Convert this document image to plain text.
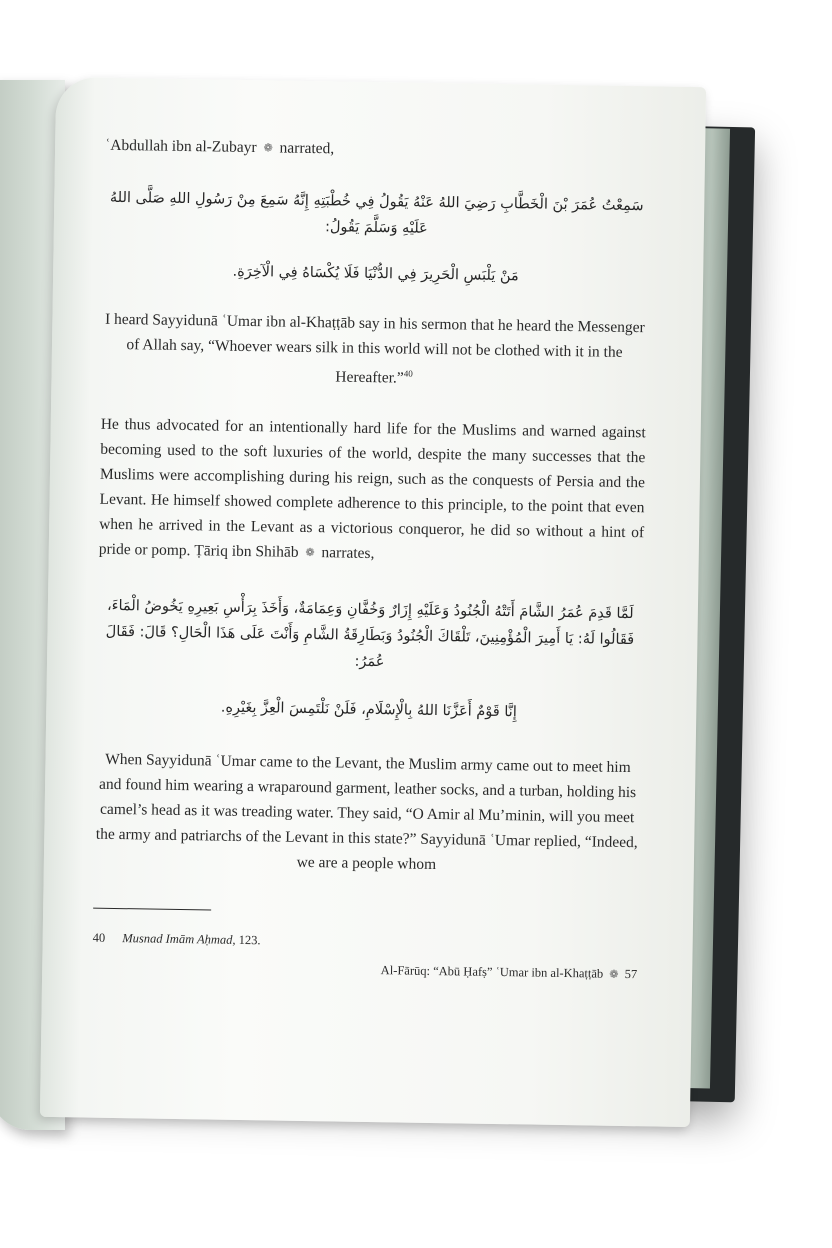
ʿAbdullah ibn al-Zubayr ❁ narrated,

سَمِعْتُ عُمَرَ بْنَ الْخَطَّابِ رَضِيَ اللهُ عَنْهُ يَقُولُ فِي خُطْبَتِهِ إِنَّهُ سَمِعَ مِنْ رَسُولِ اللهِ صَلَّى اللهُ عَلَيْهِ وَسَلَّمَ يَقُولُ:

مَنْ يَلْبَسِ الْحَرِيرَ فِي الدُّنْيَا فَلَا يُكْسَاهُ فِي الْآخِرَةِ.

I heard Sayyidunā ʿUmar ibn al-Khaṭṭāb say in his sermon that he heard the Messenger of Allah say, “Whoever wears silk in this world will not be clothed with it in the Hereafter.”$^{40}$

He thus advocated for an intentionally hard life for the Muslims and warned against becoming used to the soft luxuries of the world, despite the many successes that the Muslims were accomplishing during his reign, such as the conquests of Persia and the Levant. He himself showed complete adherence to this principle, to the point that even when he arrived in the Levant as a victorious conqueror, he did so without a hint of pride or pomp. Ṭāriq ibn Shihāb ❁ narrates,

لَمَّا قَدِمَ عُمَرُ الشَّامَ أَتَتْهُ الْجُنُودُ وَعَلَيْهِ إِزَارٌ وَخُفَّانِ وَعِمَامَةٌ، وَأَخَذَ بِرَأْسِ بَعِيرِهِ يَخُوضُ الْمَاءَ، فَقَالُوا لَهُ: يَا أَمِيرَ الْمُؤْمِنِينَ، تَلْقَاكَ الْجُنُودُ وَبَطَارِقَةُ الشَّامِ وَأَنْتَ عَلَى هَذَا الْحَالِ؟ قَالَ: فَقَالَ عُمَرُ:

إِنَّا قَوْمٌ أَعَزَّنَا اللهُ بِالْإِسْلَامِ، فَلَنْ نَلْتَمِسَ الْعِزَّ بِغَيْرِهِ.

When Sayyidunā ʿUmar came to the Levant, the Muslim army came out to meet him and found him wearing a wraparound garment, leather socks, and a turban, holding his camel’s head as it was treading water. They said, “O Amir al Mu’minin, will you meet the army and patriarchs of the Levant in this state?” Sayyidunā ʿUmar replied, “Indeed, we are a people whom

40 Musnad Imām Aḥmad, 123.

Al-Fārūq: “Abū Ḥafṣ” ʿUmar ibn al-Khaṭṭāb ❁ 57
